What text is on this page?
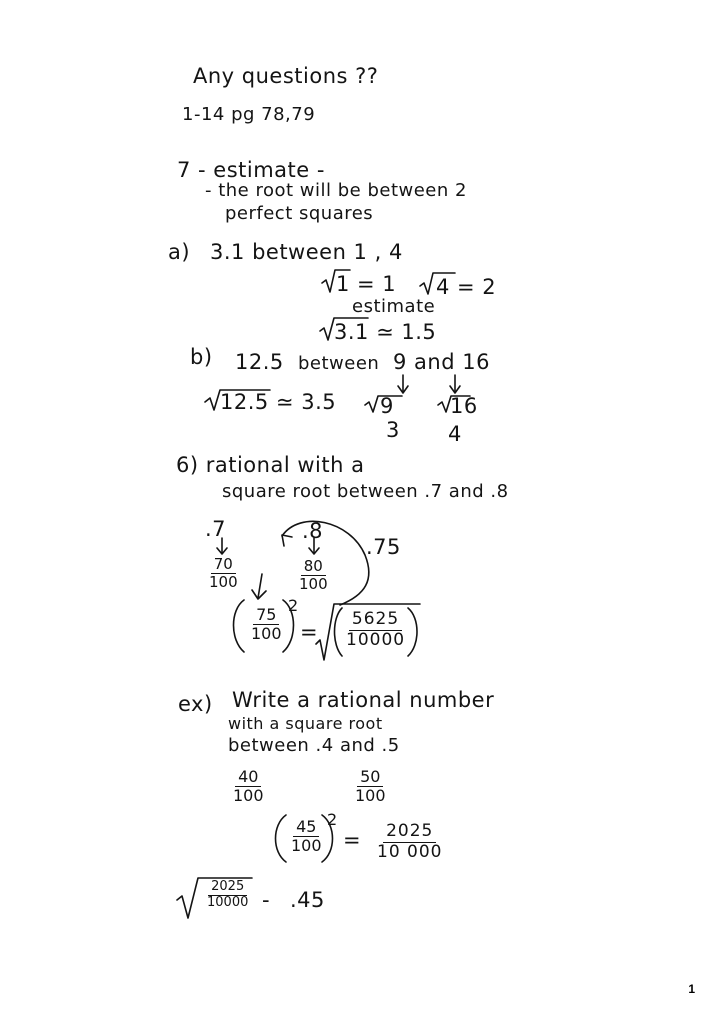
Any questions ??
1-14 pg 78,79
7 - estimate -
- the root will be between 2
perfect squares
a) 3.1 between 1 , 4
1 = 1 4 = 2
estimate
3.1 ≃ 1.5
b) 12.5 between 9 and 16
12.5 ≃ 3.5 9	16
3 4
6) rational with a
square root between .7 and .8
.7	.8
.75
$\frac{70}{100}$	$\frac{80}{100}$
$\frac{75}{100}$
2
= $\frac{5625}{10000}$
ex) Write a rational number
with a square root
between .4 and .5
$\frac{40}{100}$	$\frac{50}{100}$
$\frac{45}{100} 2$
= $\frac{2025}{10 000}$
$\frac{2025}{10000} - .45$
1
